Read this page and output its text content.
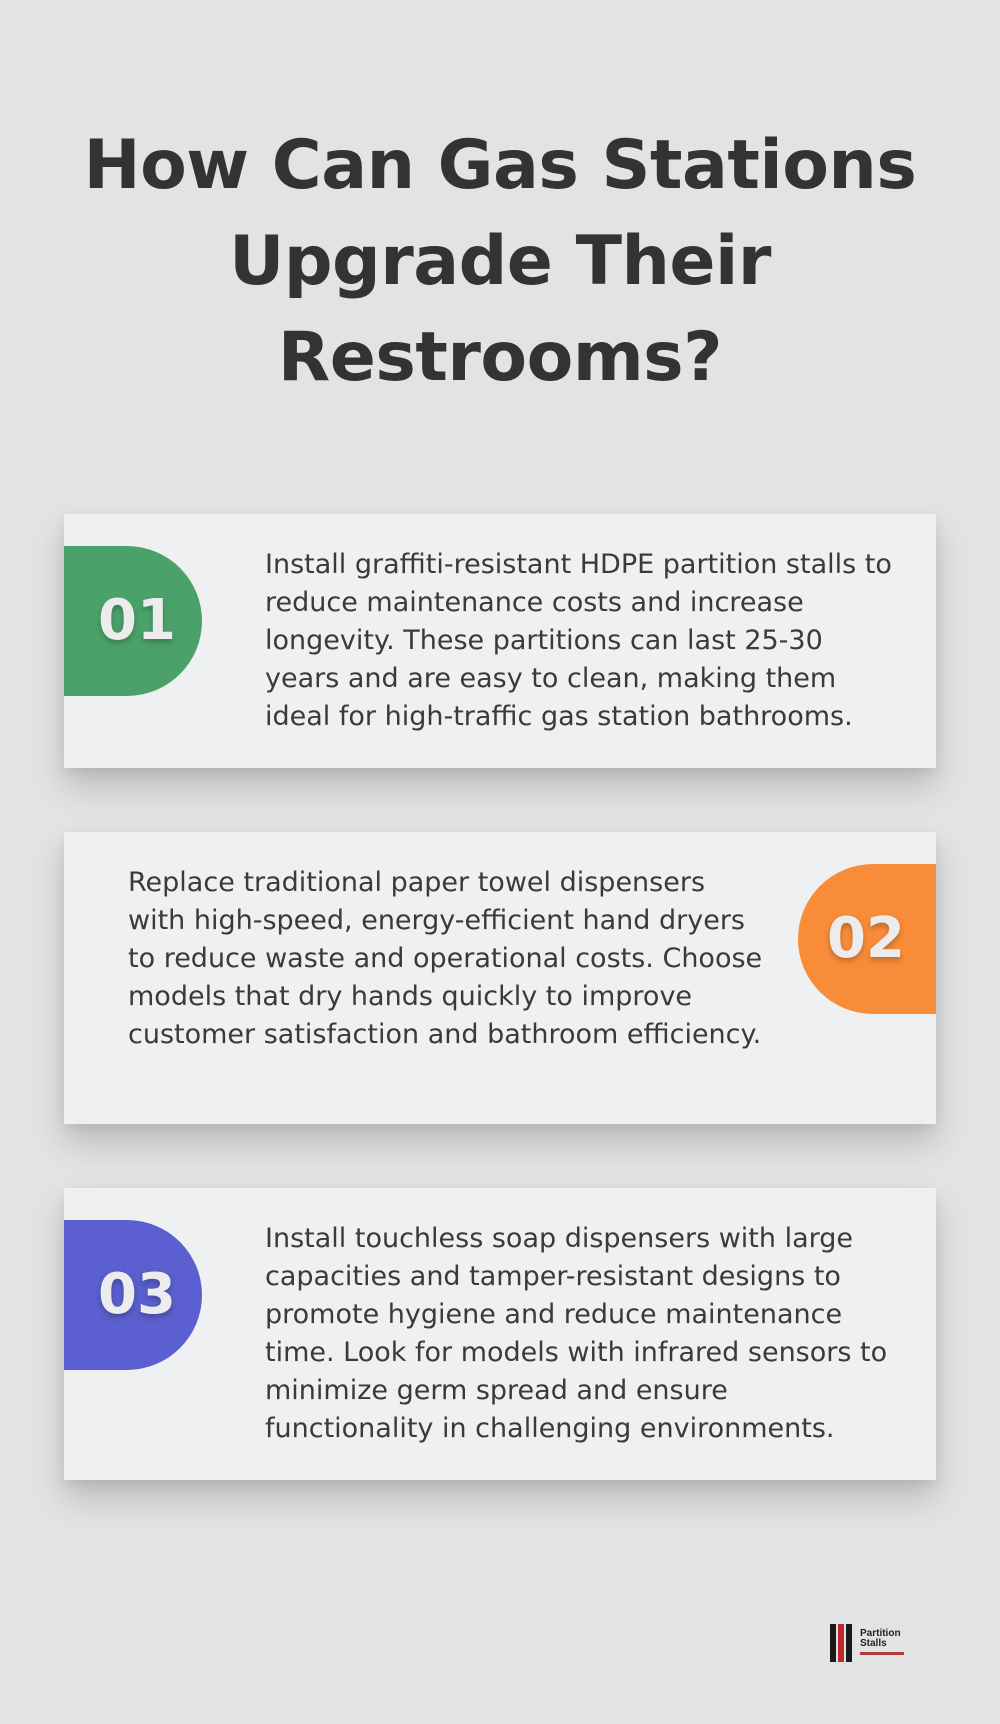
How Can Gas Stations
Upgrade Their
Restrooms?
01

Install graffiti-resistant HDPE partition stalls to reduce maintenance costs and increase longevity. These partitions can last 25-30 years and are easy to clean, making them ideal for high-traffic gas station bathrooms.

Replace traditional paper towel dispensers with high-speed, energy-efficient hand dryers to reduce waste and operational costs. Choose models that dry hands quickly to improve customer satisfaction and bathroom efficiency.

02
03

Install touchless soap dispensers with large capacities and tamper-resistant designs to promote hygiene and reduce maintenance time. Look for models with infrared sensors to minimize germ spread and ensure functionality in challenging environments.

Partition
Stalls
